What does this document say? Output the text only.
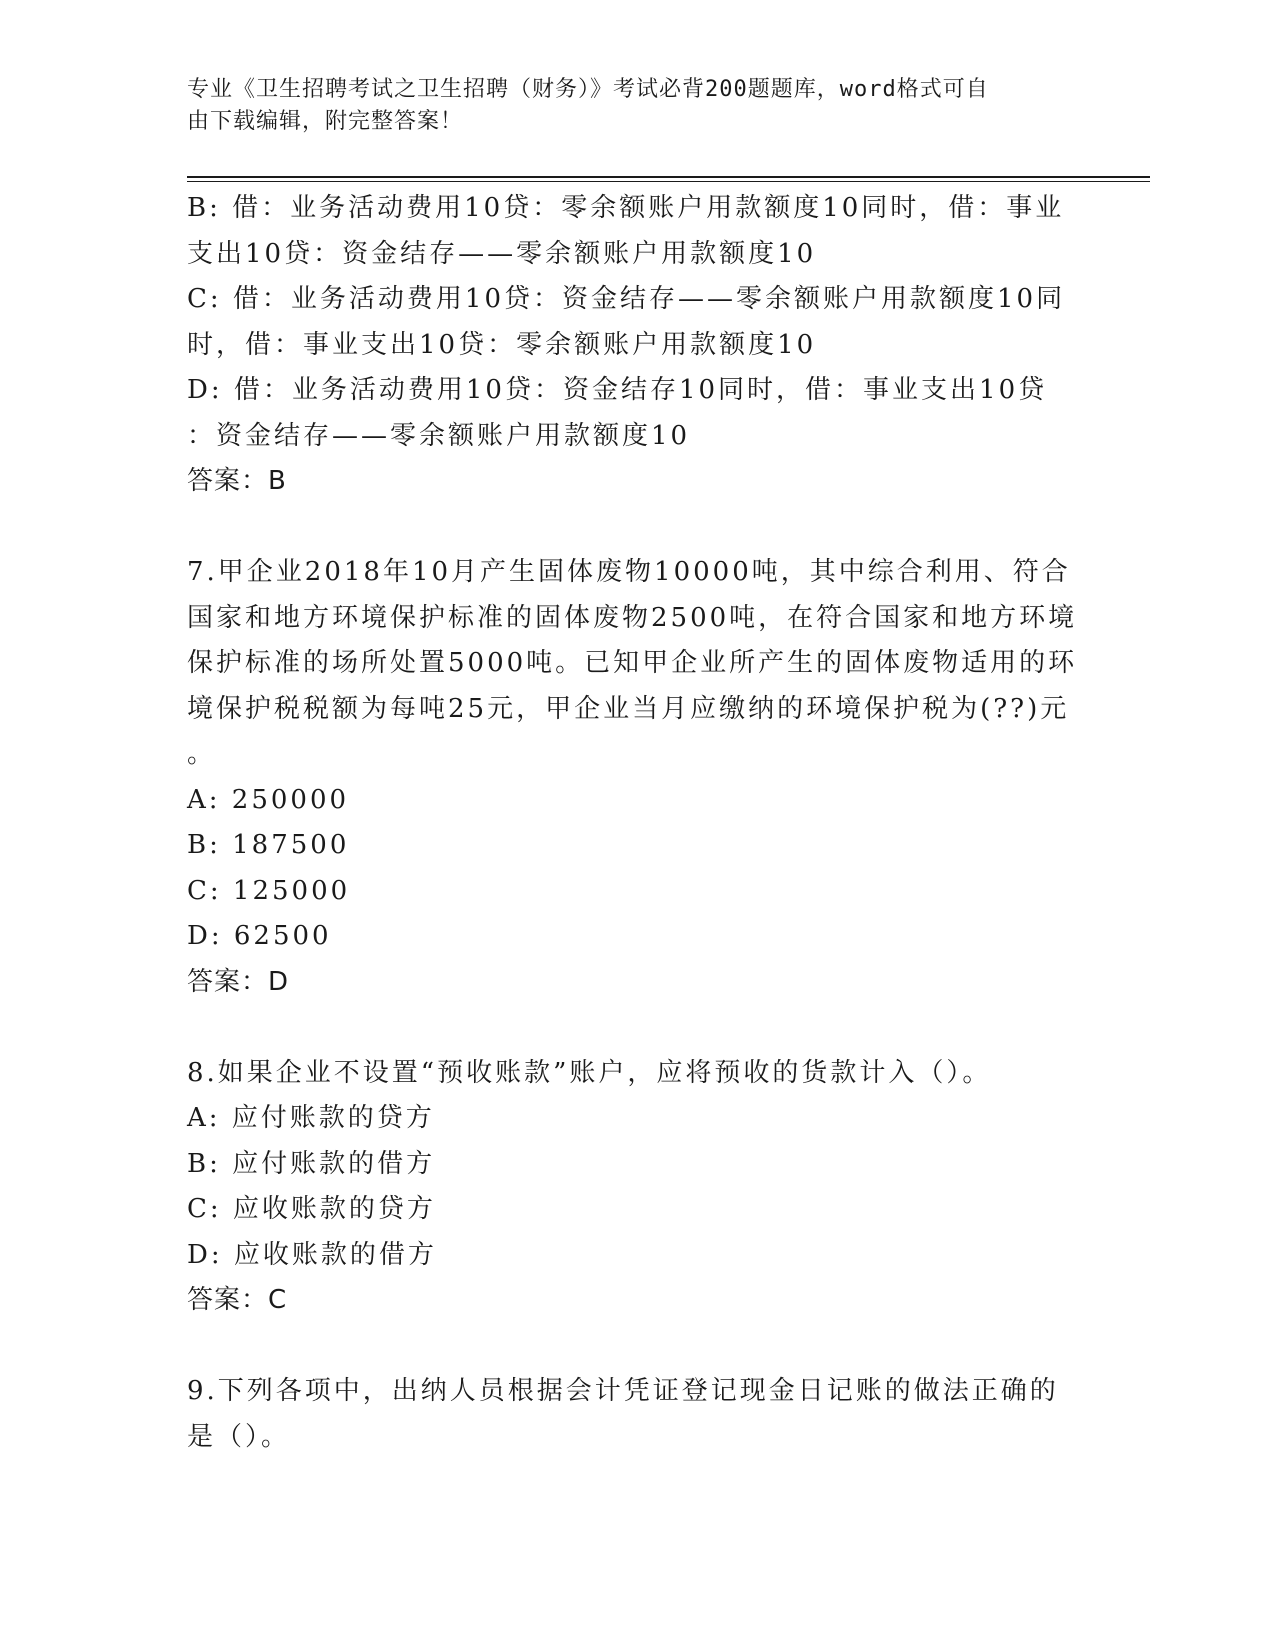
专业《卫生招聘考试之卫生招聘（财务）》考试必背200题题库，word格式可自
由下载编辑，附完整答案！
B: 借：业务活动费用10贷：零余额账户用款额度10同时，借：事业
支出10贷：资金结存——零余额账户用款额度10
C: 借：业务活动费用10贷：资金结存——零余额账户用款额度10同
时，借：事业支出10贷：零余额账户用款额度10
D: 借：业务活动费用10贷：资金结存10同时，借：事业支出10贷
：资金结存——零余额账户用款额度10
答案：B
7.甲企业2018年10月产生固体废物10000吨，其中综合利用、符合
国家和地方环境保护标准的固体废物2500吨，在符合国家和地方环境
保护标准的场所处置5000吨。已知甲企业所产生的固体废物适用的环
境保护税税额为每吨25元，甲企业当月应缴纳的环境保护税为(??)元
。
A: 250000
B: 187500
C: 125000
D: 62500
答案：D
8.如果企业不设置“预收账款”账户，应将预收的货款计入（）。
A: 应付账款的贷方
B: 应付账款的借方
C: 应收账款的贷方
D: 应收账款的借方
答案：C
9.下列各项中，出纳人员根据会计凭证登记现金日记账的做法正确的
是（）。
